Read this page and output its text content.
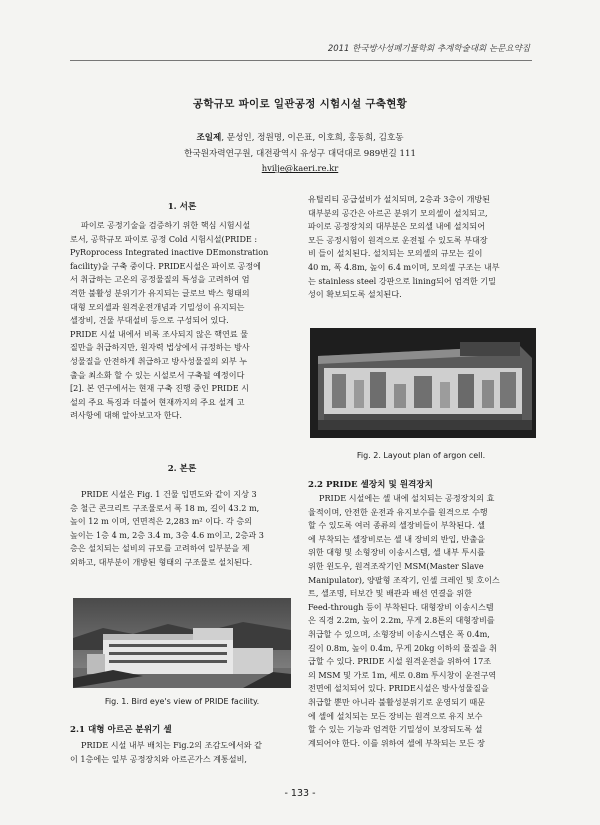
2011 한국방사성폐기물학회 추계학술대회 논문요약집
공학규모 파이로 일관공정 시험시설 구축현황
조일제, 문성인, 정원명, 이은표, 이호희, 홍동희, 김호동
한국원자력연구원, 대전광역시 유성구 대덕대로 989번길 111
hvilje@kaeri.re.kr
1. 서론

파이로 공정기술을 검증하기 위한 핵심 시험시설

로서, 공학규모 파이로 공정 Cold 시험시설(PRIDE :
PyRoprocess Integrated inactive DEmonstration
facility)을 구축 중이다. PRIDE시설은 파이로 공정에
서 취급하는 고온의 공정물질의 특성을 고려하여 엄
격한 불활성 분위기가 유지되는 글로브 박스 형태의
대형 모의셀과 원격운전개념과 기밀성이 유지되는
셀장비, 건물 부대설비 등으로 구성되어 있다.
PRIDE 시설 내에서 비록 조사되지 않은 핵연료 물
질만을 취급하지만, 원자력 법상에서 규정하는 방사
성물질을 안전하게 취급하고 방사성물질의 외부 누
출을 최소화 할 수 있는 시설로서 구축될 예정이다
[2]. 본 연구에서는 현재 구축 진행 중인 PRIDE 시
설의 주요 특징과 더불어 현재까지의 주요 설계 고
려사항에 대해 알아보고자 한다.
2. 본론

PRIDE 시설은 Fig. 1 건물 입면도와 같이 지상 3

층 철근 콘크리트 구조물로서 폭 18 m, 길이 43.2 m,
높이 12 m 이며, 연면적은 2,283 m² 이다. 각 층의
높이는 1층 4 m, 2층 3.4 m, 3층 4.6 m이고, 2층과 3
층은 설치되는 설비의 규모를 고려하여 일부분을 제
외하고, 대부분이 개방된 형태의 구조물로 설치된다.
Fig. 1. Bird eye's view of PRIDE facility.
2.1 대형 아르곤 분위기 셀

PRIDE 시설 내부 배치는 Fig.2의 조감도에서와 같

이 1층에는 일부 공정장치와 아르곤가스 계통설비,
유틸리티 공급설비가 설치되며, 2층과 3층이 개방된
대부분의 공간은 아르곤 분위기 모의셀이 설치되고,
파이로 공정장치의 대부분은 모의셀 내에 설치되어
모든 공정시험이 원격으로 운전될 수 있도록 부대장
비 들이 설치된다. 설치되는 모의셀의 규모는 길이
40 m, 폭 4.8m, 높이 6.4 m이며, 모의셀 구조는 내부
는 stainless steel 강판으로 lining되어 엄격한 기밀
성이 확보되도록 설치된다.
Fig. 2. Layout plan of argon cell.
2.2 PRIDE 셀장치 및 원격장치

PRIDE 시설에는 셀 내에 설치되는 공정장치의 효

율적이며, 안전한 운전과 유지보수를 원격으로 수행
할 수 있도록 여러 종류의 셀장비들이 부착된다. 셀
에 부착되는 셀장비로는 셀 내 장비의 반입, 반출을
위한 대형 및 소형장비 이송시스템, 셀 내부 투시를
위한 윈도우, 원격조작기인 MSM(Master Slave
Manipulator), 양팔형 조작기, 인셀 크레인 및 호이스
트, 셀조명, 터보간 및 배관과 배선 연결을 위한
Feed-through 등이 부착된다. 대형장비 이송시스템
은 직경 2.2m, 높이 2.2m, 무게 2.8톤의 대형장비를
취급할 수 있으며, 소형장비 이송시스템은 폭 0.4m,
길이 0.8m, 높이 0.4m, 무게 20kg 이하의 물질을 취
급할 수 있다. PRIDE 시설 원격운전을 위하여 17조
의 MSM 및 가로 1m, 세로 0.8m 투시창이 운전구역
전면에 설치되어 있다. PRIDE시설은 방사성물질을
취급할 뿐만 아니라 불활성분위기로 운영되기 때문
에 셀에 설치되는 모든 장비는 원격으로 유지 보수
할 수 있는 기능과 엄격한 기밀성이 보장되도록 설
계되어야 한다. 이를 위하여 셀에 부착되는 모든 장
- 133 -
